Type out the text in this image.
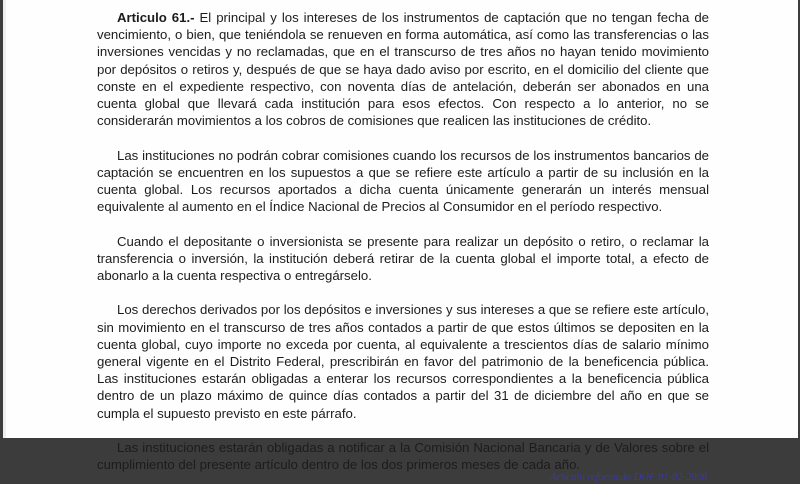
Articulo 61.- El principal y los intereses de los instrumentos de captación que no tengan fecha de vencimiento, o bien, que teniéndola se renueven en forma automática, así como las transferencias o las inversiones vencidas y no reclamadas, que en el transcurso de tres años no hayan tenido movimiento por depósitos o retiros y, después de que se haya dado aviso por escrito, en el domicilio del cliente que conste en el expediente respectivo, con noventa días de antelación, deberán ser abonados en una cuenta global que llevará cada institución para esos efectos. Con respecto a lo anterior, no se considerarán movimientos a los cobros de comisiones que realicen las instituciones de crédito.

Las instituciones no podrán cobrar comisiones cuando los recursos de los instrumentos bancarios de captación se encuentren en los supuestos a que se refiere este artículo a partir de su inclusión en la cuenta global. Los recursos aportados a dicha cuenta únicamente generarán un interés mensual equivalente al aumento en el Índice Nacional de Precios al Consumidor en el período respectivo.

Cuando el depositante o inversionista se presente para realizar un depósito o retiro, o reclamar la transferencia o inversión, la institución deberá retirar de la cuenta global el importe total, a efecto de abonarlo a la cuenta respectiva o entregárselo.

Los derechos derivados por los depósitos e inversiones y sus intereses a que se refiere este artículo, sin movimiento en el transcurso de tres años contados a partir de que estos últimos se depositen en la cuenta global, cuyo importe no exceda por cuenta, al equivalente a trescientos días de salario mínimo general vigente en el Distrito Federal, prescribirán en favor del patrimonio de la beneficencia pública. Las instituciones estarán obligadas a enterar los recursos correspondientes a la beneficencia pública dentro de un plazo máximo de quince días contados a partir del 31 de diciembre del año en que se cumpla el supuesto previsto en este párrafo.

Las instituciones estarán obligadas a notificar a la Comisión Nacional Bancaria y de Valores sobre el cumplimiento del presente artículo dentro de los dos primeros meses de cada año.

Artículo reformado DOF 01-02-2008
